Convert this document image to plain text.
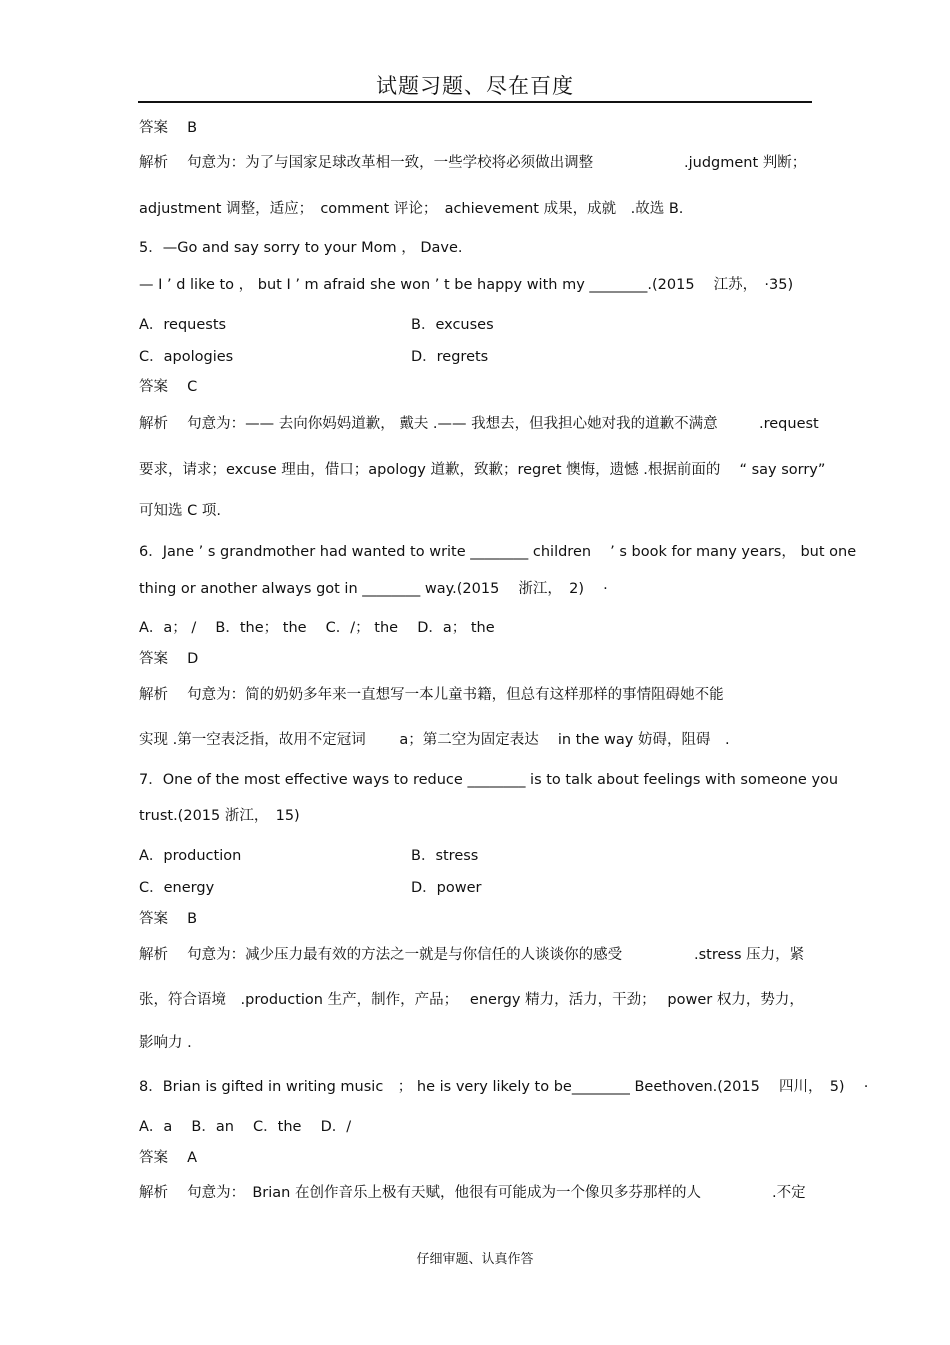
试题习题、尽在百度
答案　 B
解析　 句意为：为了与国家足球改革相一致，一些学校将必须做出调整	.judgment 判断；
adjustment 调整，适应；　comment 评论；　achievement 成果，成就　.故选 B.
5．—Go and say sorry to your Mom ， Dave.
— I ’ d like to ， but I ’ m afraid she won ’ t be happy with my ________.(2015 　江苏，　·35)
A．requests	B．excuses
C．apologies	D．regrets
答案　 C
解析　 句意为：—— 去向你妈妈道歉， 戴夫 .—— 我想去，但我担心她对我的道歉不满意	.request
要求，请求；excuse 理由，借口；apology 道歉，致歉；regret 懊悔，遗憾 .根据前面的 　“ say sorry”
可知选 C 项.
6．Jane ’ s grandmother had wanted to write ________ children 　’ s book for many years， but one
thing or another always got in ________ way.(2015 　浙江，　2)　 ·
A．a； /　 B．the； the　 C．/； the　 D．a； the
答案　 D
解析　 句意为：简的奶奶多年来一直想写一本儿童书籍，但总有这样那样的事情阻碍她不能
实现 .第一空表泛指，故用不定冠词　　 a；第二空为固定表达　 in the way 妨碍，阻碍　.
7．One of the most effective ways to reduce ________ is to talk about feelings with someone you
trust.(2015 浙江，　15)
A．production	B．stress
C．energy	D．power
答案　 B
解析　 句意为：减少压力最有效的方法之一就是与你信任的人谈谈你的感受	.stress 压力，紧
张，符合语境　.production 生产，制作，产品；　 energy 精力，活力，干劲；　 power 权力，势力，
影响力 .
8．Brian is gifted in writing music　； he is very likely to be________ Beethoven.(2015 　四川，　5)　 ·
A．a　 B．an　 C．the　 D．/
答案　 A
解析　 句意为：　Brian 在创作音乐上极有天赋，他很有可能成为一个像贝多芬那样的人	.不定
仔细审题、认真作答
